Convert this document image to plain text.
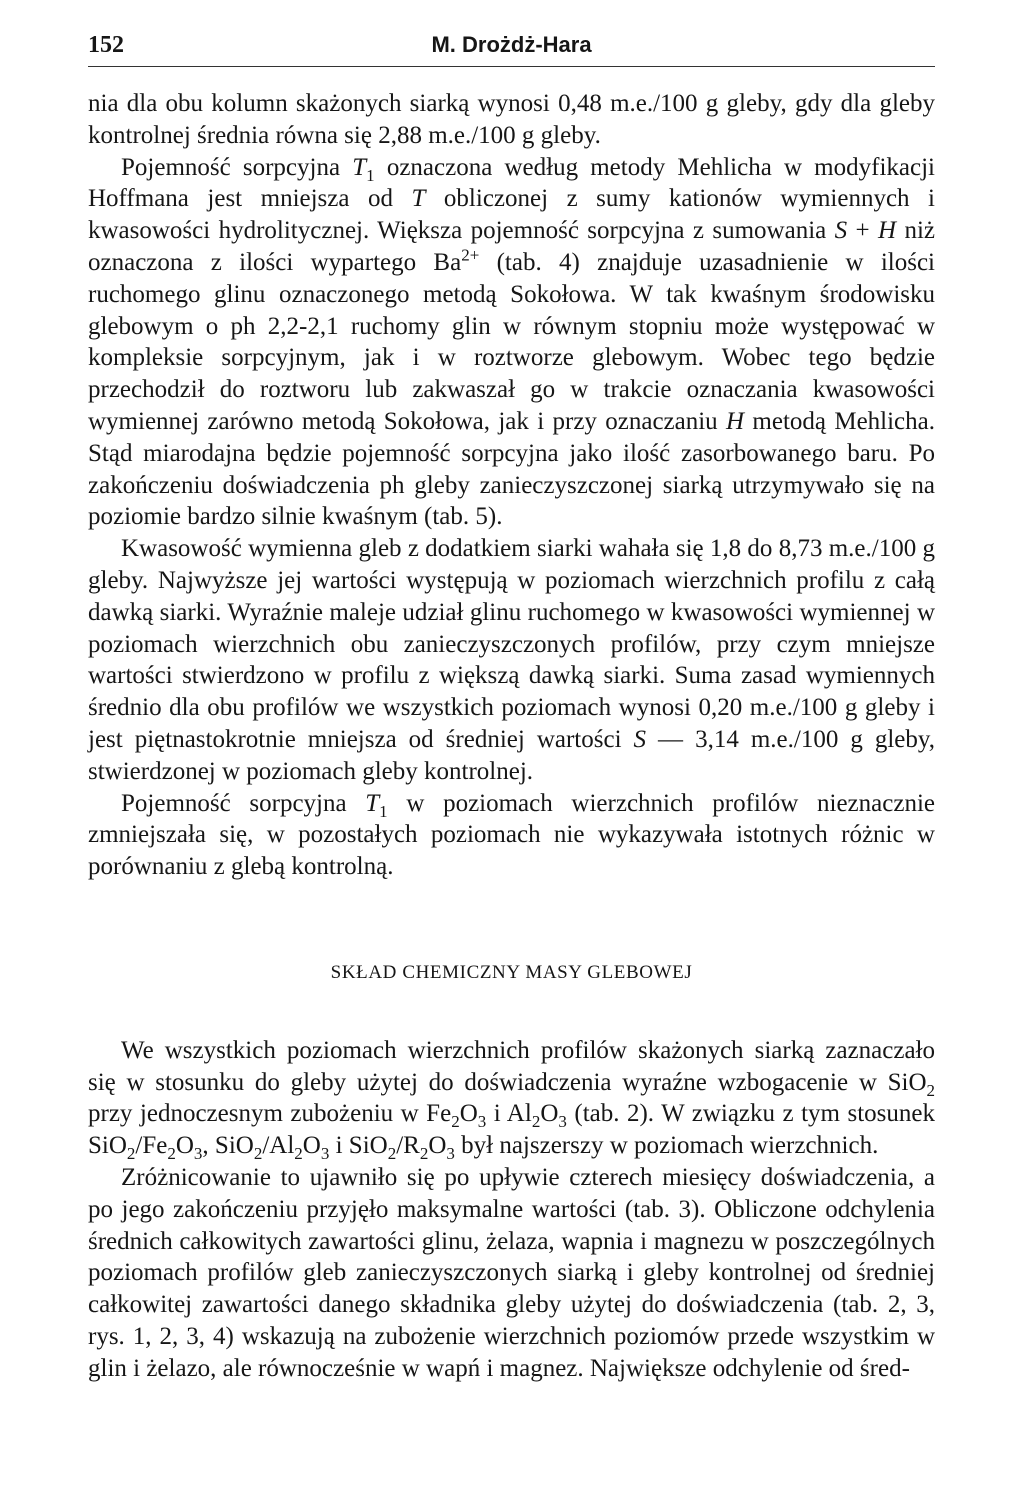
152	M. Drożdż-Hara

nia dla obu kolumn skażonych siarką wynosi 0,48 m.e./100 g gleby, gdy dla gleby kontrolnej średnia równa się 2,88 m.e./100 g gleby.

Pojemność sorpcyjna $T_1$ oznaczona według metody Mehlicha w modyfikacji Hoffmana jest mniejsza od T obliczonej z sumy kationów wymiennych i kwasowości hydrolitycznej. Większa pojemność sorpcyjna z sumowania S + H niż oznaczona z ilości wypartego $Ba^{2+}$ (tab. 4) znajduje uzasadnienie w ilości ruchomego glinu oznaczonego metodą Sokołowa. W tak kwaśnym środowisku glebowym o ph 2,2-2,1 ruchomy glin w równym stopniu może występować w kompleksie sorpcyjnym, jak i w roztworze glebowym. Wobec tego będzie przechodził do roztworu lub zakwaszał go w trakcie oznaczania kwasowości wymiennej zarówno metodą Sokołowa, jak i przy oznaczaniu H metodą Mehlicha. Stąd miarodajna będzie pojemność sorpcyjna jako ilość zasorbowanego baru. Po zakończeniu doświadczenia ph gleby zanieczyszczonej siarką utrzymywało się na poziomie bardzo silnie kwaśnym (tab. 5).

Kwasowość wymienna gleb z dodatkiem siarki wahała się 1,8 do 8,73 m.e./100 g gleby. Najwyższe jej wartości występują w poziomach wierzchnich profilu z całą dawką siarki. Wyraźnie maleje udział glinu ruchomego w kwasowości wymiennej w poziomach wierzchnich obu zanieczyszczonych profilów, przy czym mniejsze wartości stwierdzono w profilu z większą dawką siarki. Suma zasad wymiennych średnio dla obu profilów we wszystkich poziomach wynosi 0,20 m.e./100 g gleby i jest piętnastokrotnie mniejsza od średniej wartości S — 3,14 m.e./100 g gleby, stwierdzonej w poziomach gleby kontrolnej.

Pojemność sorpcyjna $T_1$ w poziomach wierzchnich profilów nieznacznie zmniejszała się, w pozostałych poziomach nie wykazywała istotnych różnic w porównaniu z glebą kontrolną.

SKŁAD CHEMICZNY MASY GLEBOWEJ

We wszystkich poziomach wierzchnich profilów skażonych siarką zaznaczało się w stosunku do gleby użytej do doświadczenia wyraźne wzbogacenie w SiO$_2$ przy jednoczesnym zubożeniu w $Fe_2O_3$ i $Al_2O_3$ (tab. 2). W związku z tym stosunek $SiO_2/Fe_2O_3$, $SiO_2/Al_2O_3$ i $SiO_2/R_2O_3$ był najszerszy w poziomach wierzchnich.

Zróżnicowanie to ujawniło się po upływie czterech miesięcy doświadczenia, a po jego zakończeniu przyjęło maksymalne wartości (tab. 3). Obliczone odchylenia średnich całkowitych zawartości glinu, żelaza, wapnia i magnezu w poszczególnych poziomach profilów gleb zanieczyszczonych siarką i gleby kontrolnej od średniej całkowitej zawartości danego składnika gleby użytej do doświadczenia (tab. 2, 3, rys. 1, 2, 3, 4) wskazują na zubożenie wierzchnich poziomów przede wszystkim w glin i żelazo, ale równocześnie w wapń i magnez. Największe odchylenie od śred-
